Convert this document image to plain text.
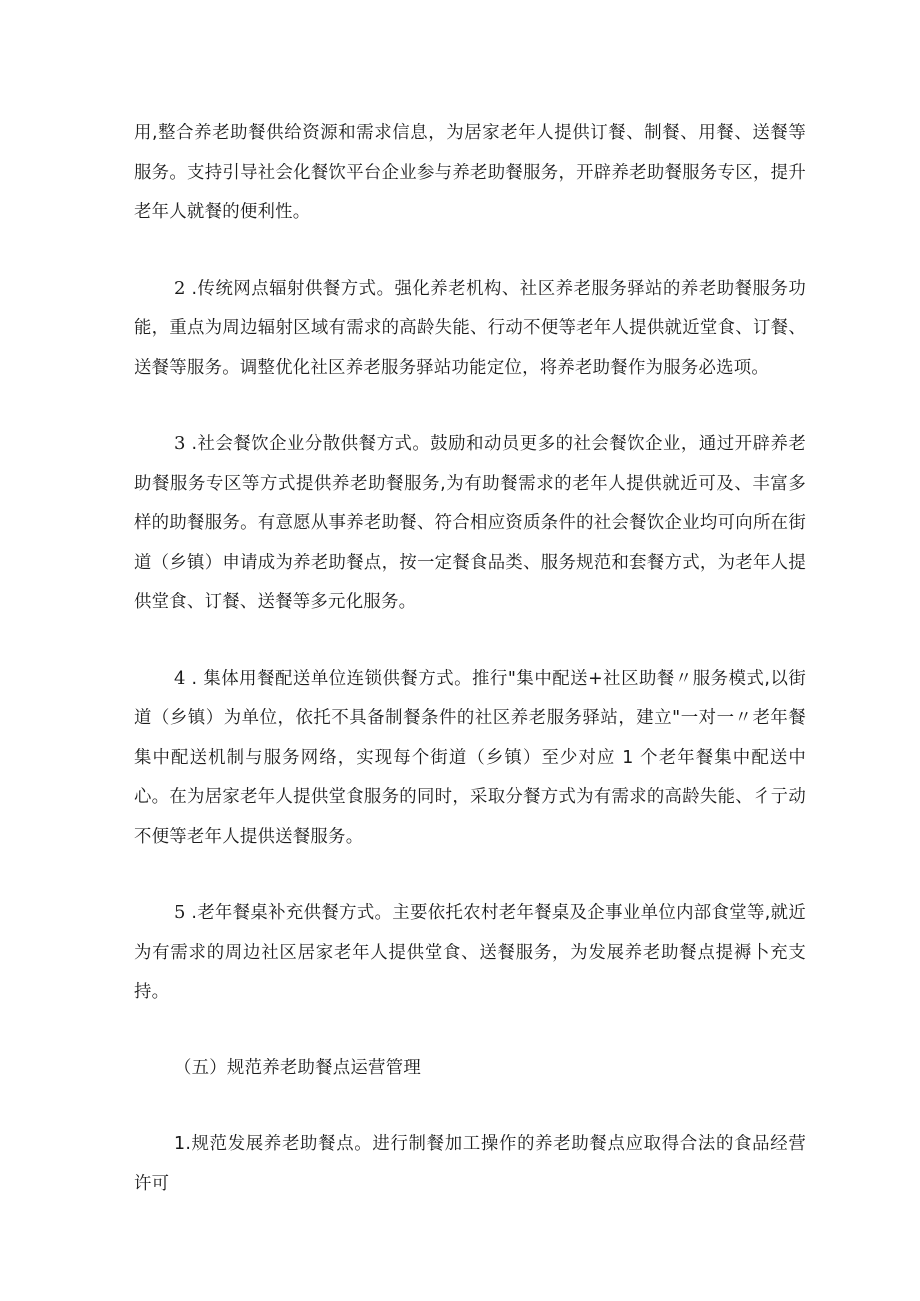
用,整合养老助餐供给资源和需求信息，为居家老年人提供订餐、制餐、用餐、送餐等服务。支持引导社会化餐饮平台企业参与养老助餐服务，开辟养老助餐服务专区，提升老年人就餐的便利性。

2 .传统网点辐射供餐方式。强化养老机构、社区养老服务驿站的养老助餐服务功能，重点为周边辐射区域有需求的高龄失能、行动不便等老年人提供就近堂食、订餐、送餐等服务。调整优化社区养老服务驿站功能定位，将养老助餐作为服务必选项。

3 .社会餐饮企业分散供餐方式。鼓励和动员更多的社会餐饮企业，通过开辟养老助餐服务专区等方式提供养老助餐服务,为有助餐需求的老年人提供就近可及、丰富多样的助餐服务。有意愿从事养老助餐、符合相应资质条件的社会餐饮企业均可向所在街道（乡镇）申请成为养老助餐点，按一定餐食品类、服务规范和套餐方式，为老年人提供堂食、订餐、送餐等多元化服务。

4 . 集体用餐配送单位连锁供餐方式。推行"集中配送+社区助餐〃服务模式,以街道（乡镇）为单位，依托不具备制餐条件的社区养老服务驿站，建立"一对一〃老年餐集中配送机制与服务网络，实现每个街道（乡镇）至少对应 1 个老年餐集中配送中心。在为居家老年人提供堂食服务的同时，采取分餐方式为有需求的高龄失能、彳亍动不便等老年人提供送餐服务。

5 .老年餐桌补充供餐方式。主要依托农村老年餐桌及企事业单位内部食堂等,就近为有需求的周边社区居家老年人提供堂食、送餐服务，为发展养老助餐点提褥卜充支持。

（五）规范养老助餐点运营管理

1.规范发展养老助餐点。进行制餐加工操作的养老助餐点应取得合法的食品经营许可
